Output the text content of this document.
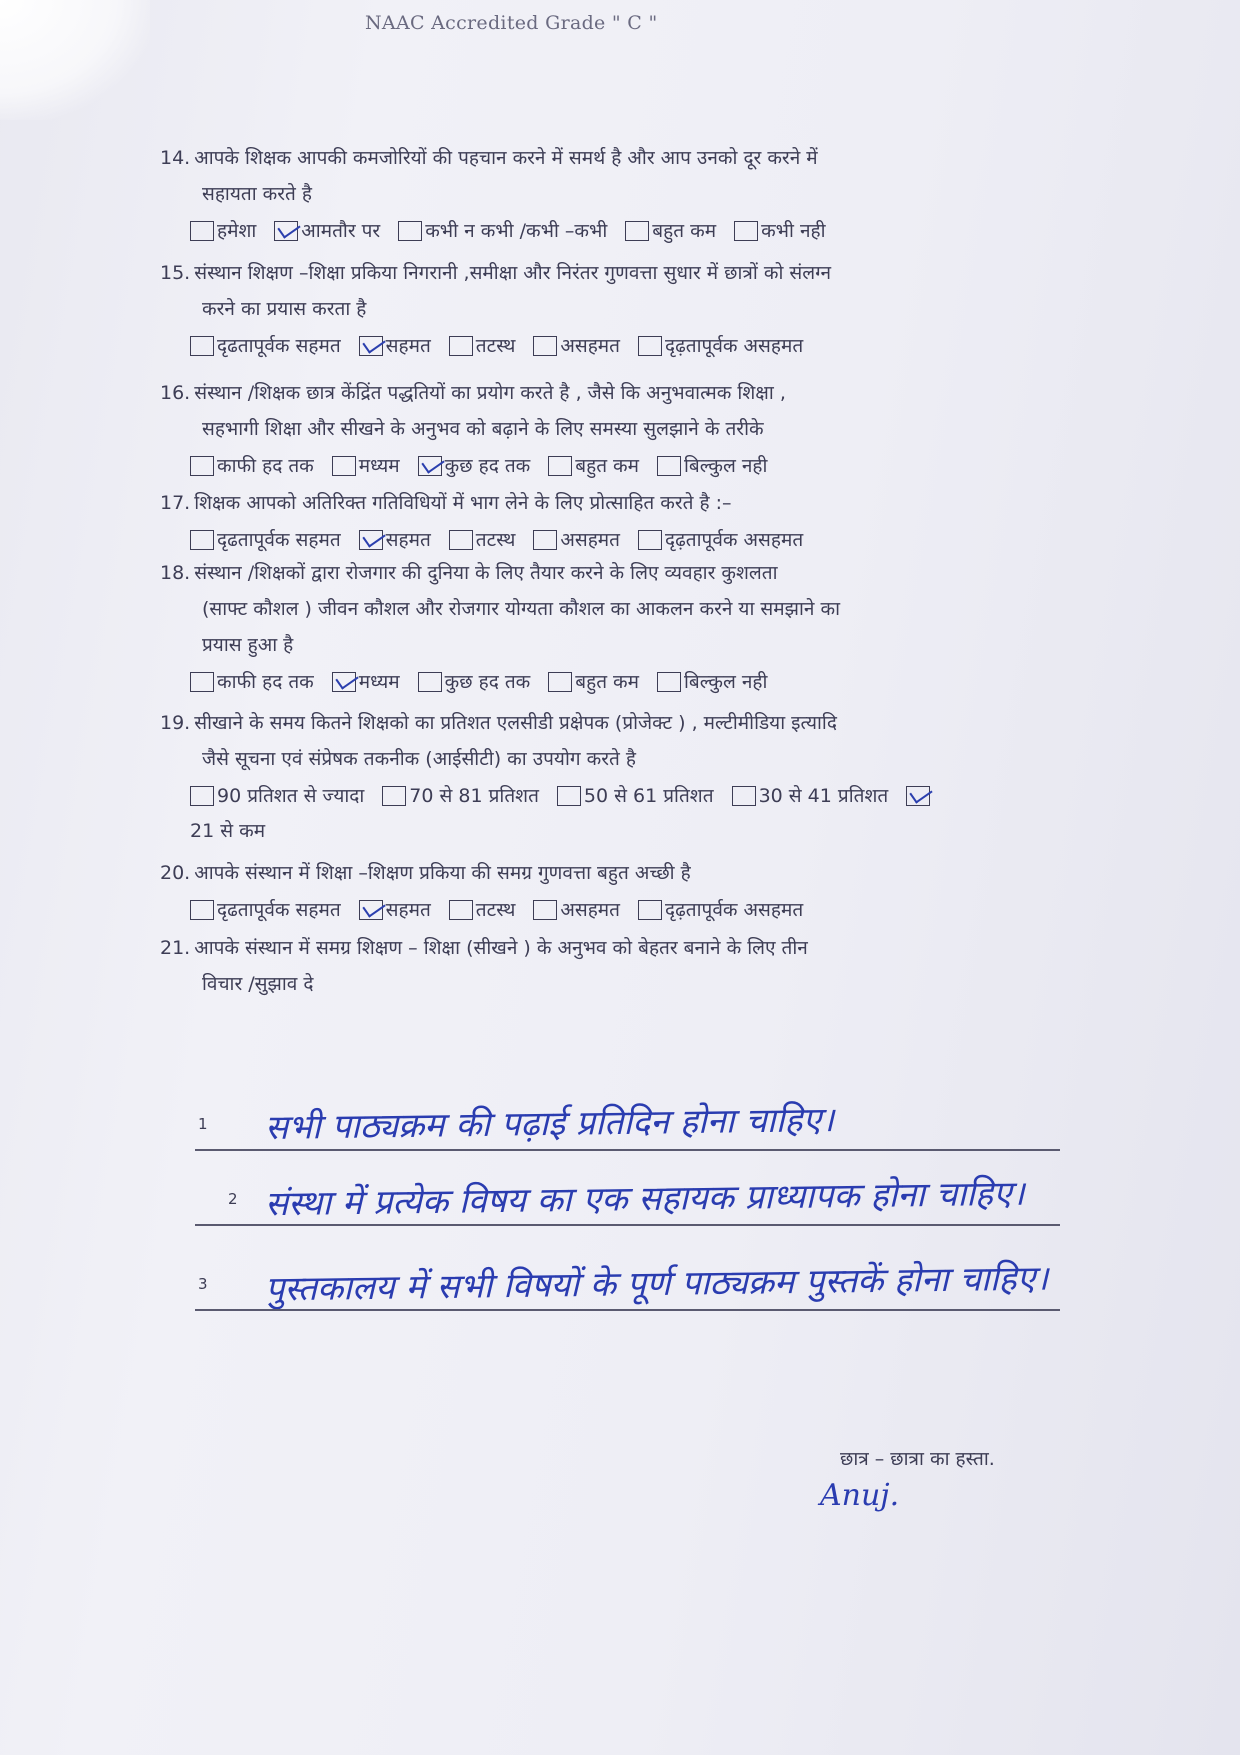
NAAC Accredited Grade " C "
14. आपके शिक्षक आपकी कमजोरियों की पहचान करने में समर्थ है और आप उनको दूर करने में
सहायता करते है
हमेशा आमतौर पर कभी न कभी /कभी –कभी बहुत कम कभी नही
15. संस्थान शिक्षण –शिक्षा प्रकिया निगरानी ,समीक्षा और निरंतर गुणवत्ता सुधार में छात्रों को संलग्न
करने का प्रयास करता है
दृढतापूर्वक सहमत सहमत तटस्थ असहमत दृढ़तापूर्वक असहमत
16. संस्थान /शिक्षक छात्र केंद्रिंत पद्धतियों का प्रयोग करते है , जैसे कि अनुभवात्मक शिक्षा ,
सहभागी शिक्षा और सीखने के अनुभव को बढ़ाने के लिए समस्या सुलझाने के तरीके
काफी हद तक मध्यम कुछ हद तक बहुत कम बिल्कुल नही
17. शिक्षक आपको अतिरिक्त गतिविधियों में भाग लेने के लिए प्रोत्साहित करते है :–
दृढतापूर्वक सहमत सहमत तटस्थ असहमत दृढ़तापूर्वक असहमत
18. संस्थान /शिक्षकों द्वारा रोजगार की दुनिया के लिए तैयार करने के लिए व्यवहार कुशलता
(साफ्ट कौशल ) जीवन कौशल और रोजगार योग्यता कौशल का आकलन करने या समझाने का
प्रयास हुआ है
काफी हद तक मध्यम कुछ हद तक बहुत कम बिल्कुल नही
19. सीखाने के समय कितने शिक्षको का प्रतिशत एलसीडी प्रक्षेपक (प्रोजेक्ट ) , मल्टीमीडिया इत्यादि
जैसे सूचना एवं संप्रेषक तकनीक (आईसीटी) का उपयोग करते है
90 प्रतिशत से ज्यादा 70 से 81 प्रतिशत 50 से 61 प्रतिशत 30 से 41 प्रतिशत
21 से कम
20. आपके संस्थान में शिक्षा –शिक्षण प्रकिया की समग्र गुणवत्ता बहुत अच्छी है
दृढतापूर्वक सहमत सहमत तटस्थ असहमत दृढ़तापूर्वक असहमत
21. आपके संस्थान में समग्र शिक्षण – शिक्षा (सीखने ) के अनुभव को बेहतर बनाने के लिए तीन
विचार /सुझाव दे
1 सभी पाठ्यक्रम की पढ़ाई प्रतिदिन होना चाहिए।
2 संस्था में प्रत्येक विषय का एक सहायक प्राध्यापक होना चाहिए।
3 पुस्तकालय में सभी विषयों के पूर्ण पाठ्यक्रम पुस्तकें होना चाहिए।
छात्र – छात्रा का हस्ता.
Anuj.
